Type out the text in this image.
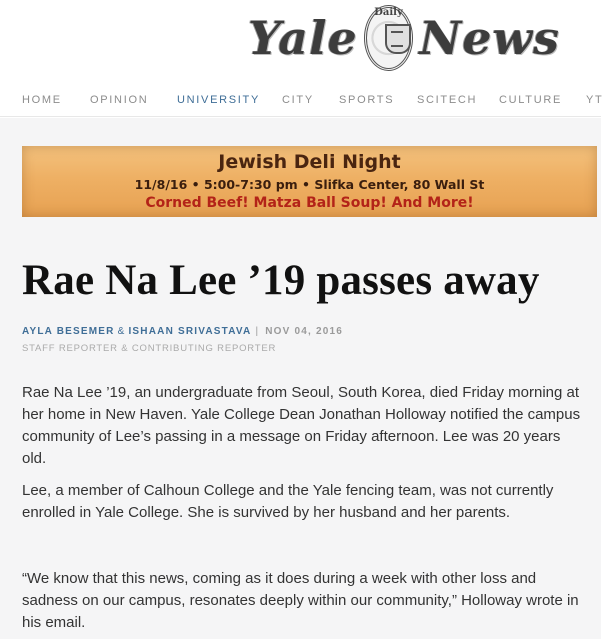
Yale	Daily News
HOME	OPINION	UNIVERSITY CITY SPORTS SCITECH CULTURE YT
Jewish Deli Night
11/8/16 • 5:00-7:30 pm • Slifka Center, 80 Wall St
Corned Beef! Matza Ball Soup! And More!
Rae Na Lee ’19 passes away
AYLA BESEMER & ISHAAN SRIVASTAVA | NOV 04, 2016
STAFF REPORTER & CONTRIBUTING REPORTER

Rae Na Lee ’19, an undergraduate from Seoul, South Korea, died Friday morning at her home in New Haven. Yale College Dean Jonathan Holloway notified the campus community of Lee’s passing in a message on Friday afternoon. Lee was 20 years old.

Lee, a member of Calhoun College and the Yale fencing team, was not currently enrolled in Yale College. She is survived by her husband and her parents.

“We know that this news, coming as it does during a week with other loss and sadness on our campus, resonates deeply within our community,” Holloway wrote in his email.
